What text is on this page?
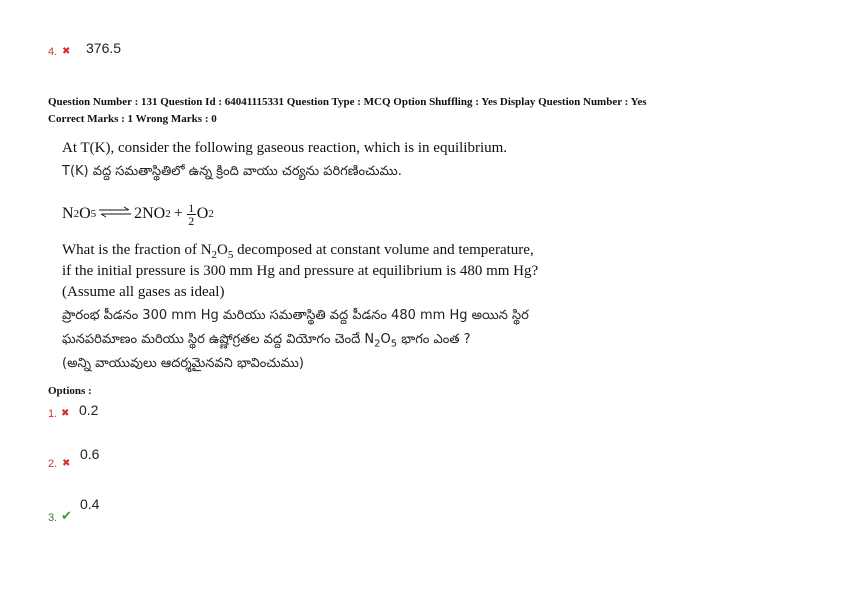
4. ✖ 376.5
Question Number : 131 Question Id : 64041115331 Question Type : MCQ Option Shuffling : Yes Display Question Number : Yes
Correct Marks : 1 Wrong Marks : 0
At T(K), consider the following gaseous reaction, which is in equilibrium.
T(K) వద్ద సమతాస్థితిలో ఉన్న క్రింది వాయు చర్యను పరిగణించుము.
N 2 O 5 ⇌ 2NO $2 + \frac{1}{2}$ O 2
What is the fraction of $N_2O_5$ decomposed at constant volume and temperature,
if the initial pressure is 300 mm Hg and pressure at equilibrium is 480 mm Hg?
(Assume all gases as ideal)
ప్రారంభ పీడనం 300 mm Hg మరియు సమతాస్థితి వద్ద పీడనం 480 mm Hg అయిన స్థిర
ఘనపరిమాణం మరియు స్థిర ఉష్ణోగ్రతల వద్ద వియోగం చెందే $N_2O_5$ భాగం ఎంత ?
(అన్ని వాయువులు ఆదర్శమైనవని భావించుము)
Options :
1. ✖ 0.2
2. ✖
0.6
3. ✔
0.4
